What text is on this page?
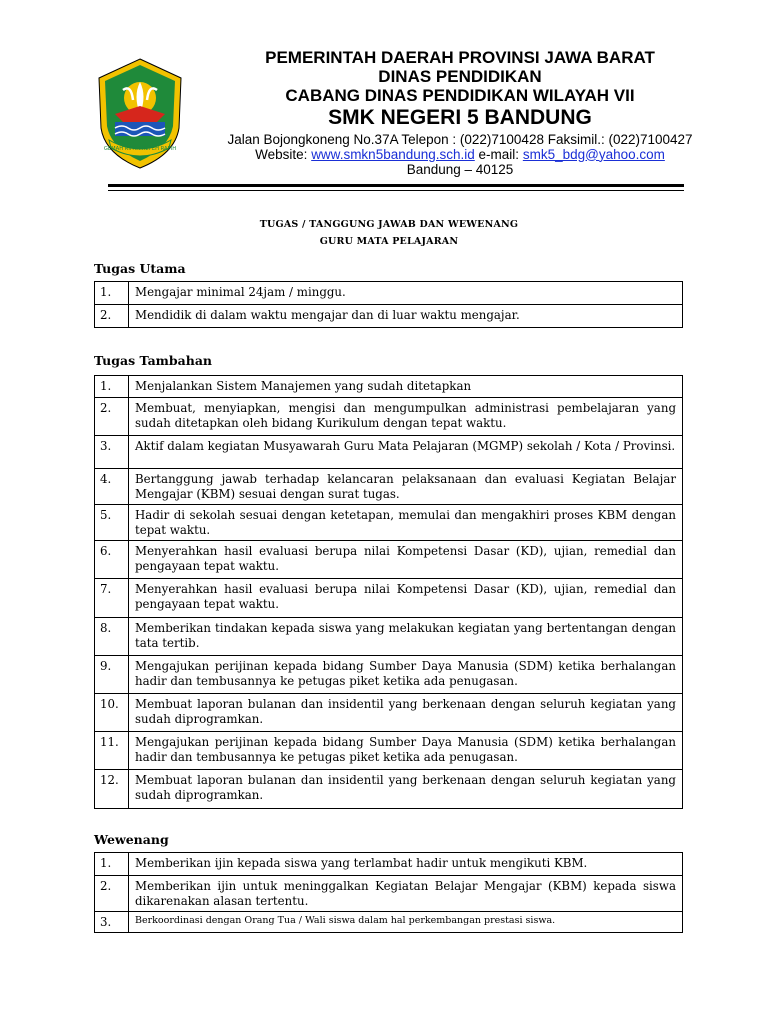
GEMAH RIPAH REPEH RAPIH

PEMERINTAH DAERAH PROVINSI JAWA BARAT

DINAS PENDIDIKAN

CABANG DINAS PENDIDIKAN WILAYAH VII

SMK NEGERI 5 BANDUNG

Jalan Bojongkoneng No.37A Telepon : (022)7100428 Faksimil.: (022)7100427

Website: www.smkn5bandung.sch.id e-mail: smk5_bdg@yahoo.com

Bandung – 40125

TUGAS / TANGGUNG JAWAB DAN WEWENANG
GURU MATA PELAJARAN
Tugas Utama
1.	Mengajar minimal 24jam / minggu.
2.	Mendidik di dalam waktu mengajar dan di luar waktu mengajar.
Tugas Tambahan
1.	Menjalankan Sistem Manajemen yang sudah ditetapkan
2.	Membuat, menyiapkan, mengisi dan mengumpulkan administrasi pembelajaran yang sudah ditetapkan oleh bidang Kurikulum dengan tepat waktu.
3.	Aktif dalam kegiatan Musyawarah Guru Mata Pelajaran (MGMP) sekolah / Kota / Provinsi.
4.	Bertanggung jawab terhadap kelancaran pelaksanaan dan evaluasi Kegiatan Belajar Mengajar (KBM) sesuai dengan surat tugas.
5.	Hadir di sekolah sesuai dengan ketetapan, memulai dan mengakhiri proses KBM dengan tepat waktu.
6.	Menyerahkan hasil evaluasi berupa nilai Kompetensi Dasar (KD), ujian, remedial dan pengayaan tepat waktu.
7.	Menyerahkan hasil evaluasi berupa nilai Kompetensi Dasar (KD), ujian, remedial dan pengayaan tepat waktu.
8.	Memberikan tindakan kepada siswa yang melakukan kegiatan yang bertentangan dengan tata tertib.
9.	Mengajukan perijinan kepada bidang Sumber Daya Manusia (SDM) ketika berhalangan hadir dan tembusannya ke petugas piket ketika ada penugasan.
10.	Membuat laporan bulanan dan insidentil yang berkenaan dengan seluruh kegiatan yang sudah diprogramkan.
11.	Mengajukan perijinan kepada bidang Sumber Daya Manusia (SDM) ketika berhalangan hadir dan tembusannya ke petugas piket ketika ada penugasan.
12.	Membuat laporan bulanan dan insidentil yang berkenaan dengan seluruh kegiatan yang sudah diprogramkan.
Wewenang
1.	Memberikan ijin kepada siswa yang terlambat hadir untuk mengikuti KBM.
2.	Memberikan ijin untuk meninggalkan Kegiatan Belajar Mengajar (KBM) kepada siswa dikarenakan alasan tertentu.
3.	Berkoordinasi dengan Orang Tua / Wali siswa dalam hal perkembangan prestasi siswa.
